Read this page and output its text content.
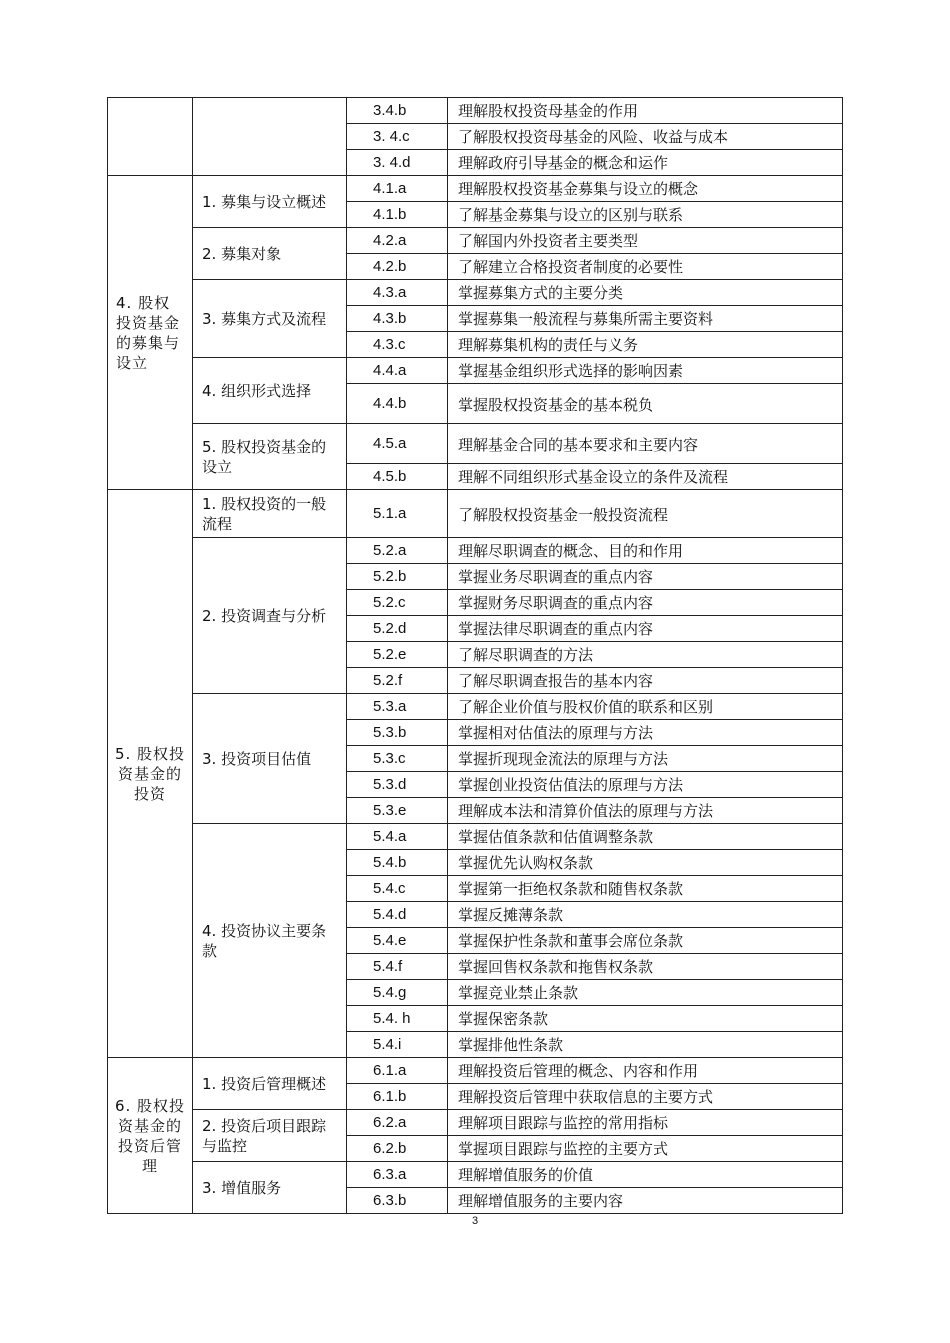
		3.4.b	理解股权投资母基金的作用
		3. 4.c	了解股权投资母基金的风险、收益与成本
		3. 4.d	理解政府引导基金的概念和运作
4. 股权投资基金的募集与设立	1. 募集与设立概述	4.1.a	理解股权投资基金募集与设立的概念
		4.1.b	了解基金募集与设立的区别与联系
	2. 募集对象	4.2.a	了解国内外投资者主要类型
		4.2.b	了解建立合格投资者制度的必要性
	3. 募集方式及流程	4.3.a	掌握募集方式的主要分类
		4.3.b	掌握募集一般流程与募集所需主要资料
		4.3.c	理解募集机构的责任与义务
	4. 组织形式选择	4.4.a	掌握基金组织形式选择的影响因素
		4.4.b	掌握股权投资基金的基本税负
	5. 股权投资基金的设立	4.5.a	理解基金合同的基本要求和主要内容
		4.5.b	理解不同组织形式基金设立的条件及流程
5. 股权投资基金的投资	1. 股权投资的一般流程	5.1.a	了解股权投资基金一般投资流程
	2. 投资调查与分析	5.2.a	理解尽职调查的概念、目的和作用
		5.2.b	掌握业务尽职调查的重点内容
		5.2.c	掌握财务尽职调查的重点内容
		5.2.d	掌握法律尽职调查的重点内容
		5.2.e	了解尽职调查的方法
		5.2.f	了解尽职调查报告的基本内容
	3. 投资项目估值	5.3.a	了解企业价值与股权价值的联系和区别
		5.3.b	掌握相对估值法的原理与方法
		5.3.c	掌握折现现金流法的原理与方法
		5.3.d	掌握创业投资估值法的原理与方法
		5.3.e	理解成本法和清算价值法的原理与方法
	4. 投资协议主要条款	5.4.a	掌握估值条款和估值调整条款
		5.4.b	掌握优先认购权条款
		5.4.c	掌握第一拒绝权条款和随售权条款
		5.4.d	掌握反摊薄条款
		5.4.e	掌握保护性条款和董事会席位条款
		5.4.f	掌握回售权条款和拖售权条款
		5.4.g	掌握竞业禁止条款
		5.4. h	掌握保密条款
		5.4.i	掌握排他性条款
6. 股权投资基金的投资后管理	1. 投资后管理概述	6.1.a	理解投资后管理的概念、内容和作用
		6.1.b	理解投资后管理中获取信息的主要方式
	2. 投资后项目跟踪与监控	6.2.a	理解项目跟踪与监控的常用指标
		6.2.b	掌握项目跟踪与监控的主要方式
	3. 增值服务	6.3.a	理解增值服务的价值
		6.3.b	理解增值服务的主要内容
3
